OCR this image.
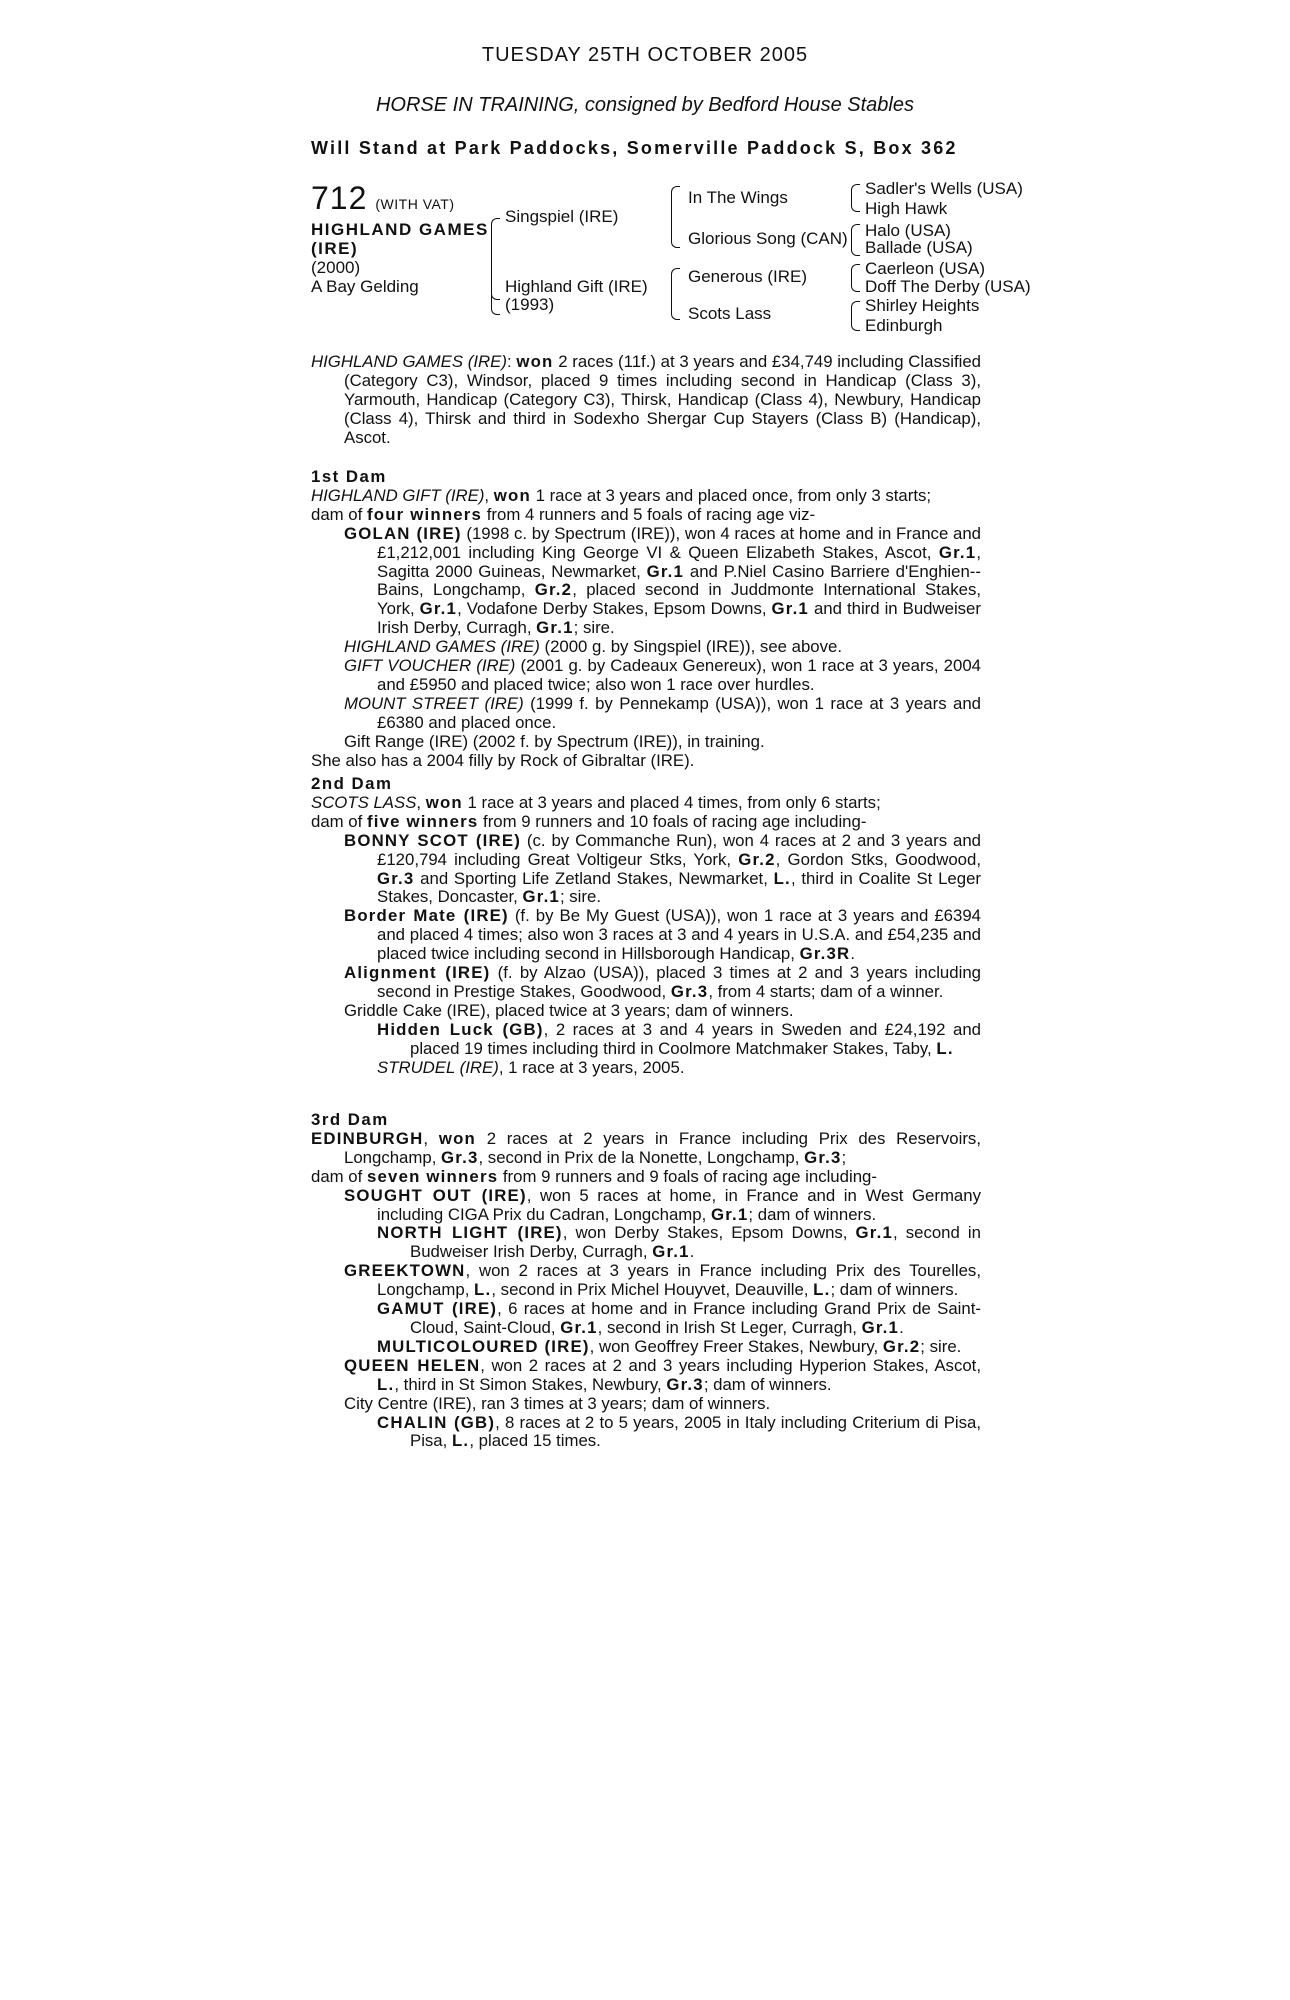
TUESDAY 25TH OCTOBER 2005
HORSE IN TRAINING, consigned by Bedford House Stables
Will Stand at Park Paddocks, Somerville Paddock S, Box 362
712 (WITH VAT)
HIGHLAND GAMES
(IRE)
(2000)
A Bay Gelding
Singspiel (IRE)
Highland Gift (IRE)
(1993)
In The Wings
Glorious Song (CAN)
Generous (IRE)
Scots Lass
Sadler's Wells (USA)
High Hawk
Halo (USA)
Ballade (USA)
Caerleon (USA)
Doff The Derby (USA)
Shirley Heights
Edinburgh

HIGHLAND GAMES (IRE): won 2 races (11f.) at 3 years and £34,749 including Classified (Category C3), Windsor, placed 9 times including second in Handicap (Class 3), Yarmouth, Handicap (Category C3), Thirsk, Handicap (Class 4), Newbury, Handicap (Class 4), Thirsk and third in Sodexho Shergar Cup Stayers (Class B) (Handicap), Ascot.

1st Dam

HIGHLAND GIFT (IRE), won 1 race at 3 years and placed once, from only 3 starts;

dam of four winners from 4 runners and 5 foals of racing age viz-

GOLAN (IRE) (1998 c. by Spectrum (IRE)), won 4 races at home and in France and £1,212,001 including King George VI & Queen Elizabeth Stakes, Ascot, Gr.1, Sagitta 2000 Guineas, Newmarket, Gr.1 and P.Niel Casino Barriere d'Enghien--Bains, Longchamp, Gr.2, placed second in Juddmonte International Stakes, York, Gr.1, Vodafone Derby Stakes, Epsom Downs, Gr.1 and third in Budweiser Irish Derby, Curragh, Gr.1; sire.

HIGHLAND GAMES (IRE) (2000 g. by Singspiel (IRE)), see above.

GIFT VOUCHER (IRE) (2001 g. by Cadeaux Genereux), won 1 race at 3 years, 2004 and £5950 and placed twice; also won 1 race over hurdles.

MOUNT STREET (IRE) (1999 f. by Pennekamp (USA)), won 1 race at 3 years and £6380 and placed once.

Gift Range (IRE) (2002 f. by Spectrum (IRE)), in training.

She also has a 2004 filly by Rock of Gibraltar (IRE).

2nd Dam

SCOTS LASS, won 1 race at 3 years and placed 4 times, from only 6 starts;

dam of five winners from 9 runners and 10 foals of racing age including-

BONNY SCOT (IRE) (c. by Commanche Run), won 4 races at 2 and 3 years and £120,794 including Great Voltigeur Stks, York, Gr.2, Gordon Stks, Goodwood, Gr.3 and Sporting Life Zetland Stakes, Newmarket, L., third in Coalite St Leger Stakes, Doncaster, Gr.1; sire.

Border Mate (IRE) (f. by Be My Guest (USA)), won 1 race at 3 years and £6394 and placed 4 times; also won 3 races at 3 and 4 years in U.S.A. and £54,235 and placed twice including second in Hillsborough Handicap, Gr.3R.

Alignment (IRE) (f. by Alzao (USA)), placed 3 times at 2 and 3 years including second in Prestige Stakes, Goodwood, Gr.3, from 4 starts; dam of a winner.

Griddle Cake (IRE), placed twice at 3 years; dam of winners.

Hidden Luck (GB), 2 races at 3 and 4 years in Sweden and £24,192 and placed 19 times including third in Coolmore Matchmaker Stakes, Taby, L.

STRUDEL (IRE), 1 race at 3 years, 2005.

3rd Dam

EDINBURGH, won 2 races at 2 years in France including Prix des Reservoirs, Longchamp, Gr.3, second in Prix de la Nonette, Longchamp, Gr.3;

dam of seven winners from 9 runners and 9 foals of racing age including-

SOUGHT OUT (IRE), won 5 races at home, in France and in West Germany including CIGA Prix du Cadran, Longchamp, Gr.1; dam of winners.

NORTH LIGHT (IRE), won Derby Stakes, Epsom Downs, Gr.1, second in Budweiser Irish Derby, Curragh, Gr.1.

GREEKTOWN, won 2 races at 3 years in France including Prix des Tourelles, Longchamp, L., second in Prix Michel Houyvet, Deauville, L.; dam of winners.

GAMUT (IRE), 6 races at home and in France including Grand Prix de Saint-Cloud, Saint-Cloud, Gr.1, second in Irish St Leger, Curragh, Gr.1.

MULTICOLOURED (IRE), won Geoffrey Freer Stakes, Newbury, Gr.2; sire.

QUEEN HELEN, won 2 races at 2 and 3 years including Hyperion Stakes, Ascot, L., third in St Simon Stakes, Newbury, Gr.3; dam of winners.

City Centre (IRE), ran 3 times at 3 years; dam of winners.

CHALIN (GB), 8 races at 2 to 5 years, 2005 in Italy including Criterium di Pisa, Pisa, L., placed 15 times.
